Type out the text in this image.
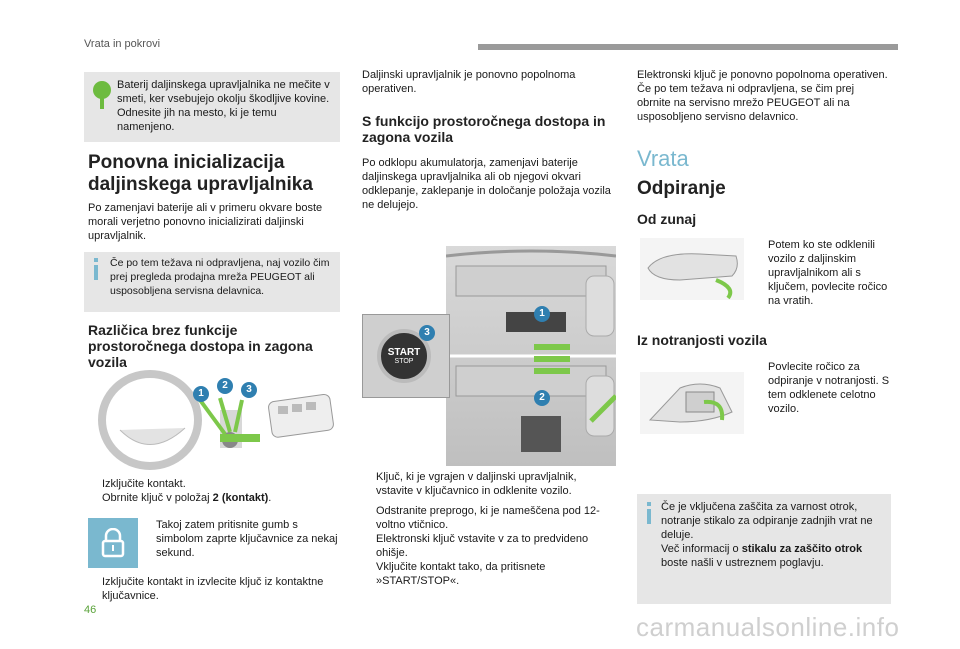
Vrata in pokrovi
Baterij daljinskega upravljalnika ne mečite v smeti, ker vsebujejo okolju škodljive kovine. Odnesite jih na mesto, ki je temu namenjeno.
Ponovna inicializacija daljinskega upravljalnika
Po zamenjavi baterije ali v primeru okvare boste morali verjetno ponovno inicializirati daljinski upravljalnik.
Če po tem težava ni odpravljena, naj vozilo čim prej pregleda prodajna mreža PEUGEOT ali usposobljena servisna delavnica.
Različica brez funkcije prostoročnega dostopa in zagona vozila
1
2	3
Izključite kontakt.
Obrnite ključ v položaj 2 (kontakt).
Takoj zatem pritisnite gumb s simbolom zaprte ključavnice za nekaj sekund.
Izključite kontakt in izvlecite ključ iz kontaktne ključavnice.
Daljinski upravljalnik je ponovno popolnoma operativen.
S funkcijo prostoročnega dostopa in zagona vozila
Po odklopu akumulatorja, zamenjavi baterije daljinskega upravljalnika ali ob njegovi okvari odklepanje, zaklepanje in določanje položaja vozila ne delujejo.
1
2
START
STOP
3
Ključ, ki je vgrajen v daljinski upravljalnik, vstavite v ključavnico in odklenite vozilo.
Odstranite preprogo, ki je nameščena pod 12-voltno vtičnico.
Elektronski ključ vstavite v za to predvideno ohišje.
Vključite kontakt tako, da pritisnete »START/STOP«.
Elektronski ključ je ponovno popolnoma operativen.
Če po tem težava ni odpravljena, se čim prej obrnite na servisno mrežo PEUGEOT ali na usposobljeno servisno delavnico.
Vrata
Odpiranje
Od zunaj
Potem ko ste odklenili vozilo z daljinskim upravljalnikom ali s ključem, povlecite ročico na vratih.
Iz notranjosti vozila
Povlecite ročico za odpiranje v notranjosti. S tem odklenete celotno vozilo.
Če je vključena zaščita za varnost otrok, notranje stikalo za odpiranje zadnjih vrat ne deluje.
Več informacij o stikalu za zaščito otrok boste našli v ustreznem poglavju.
46
carmanualsonline.info
